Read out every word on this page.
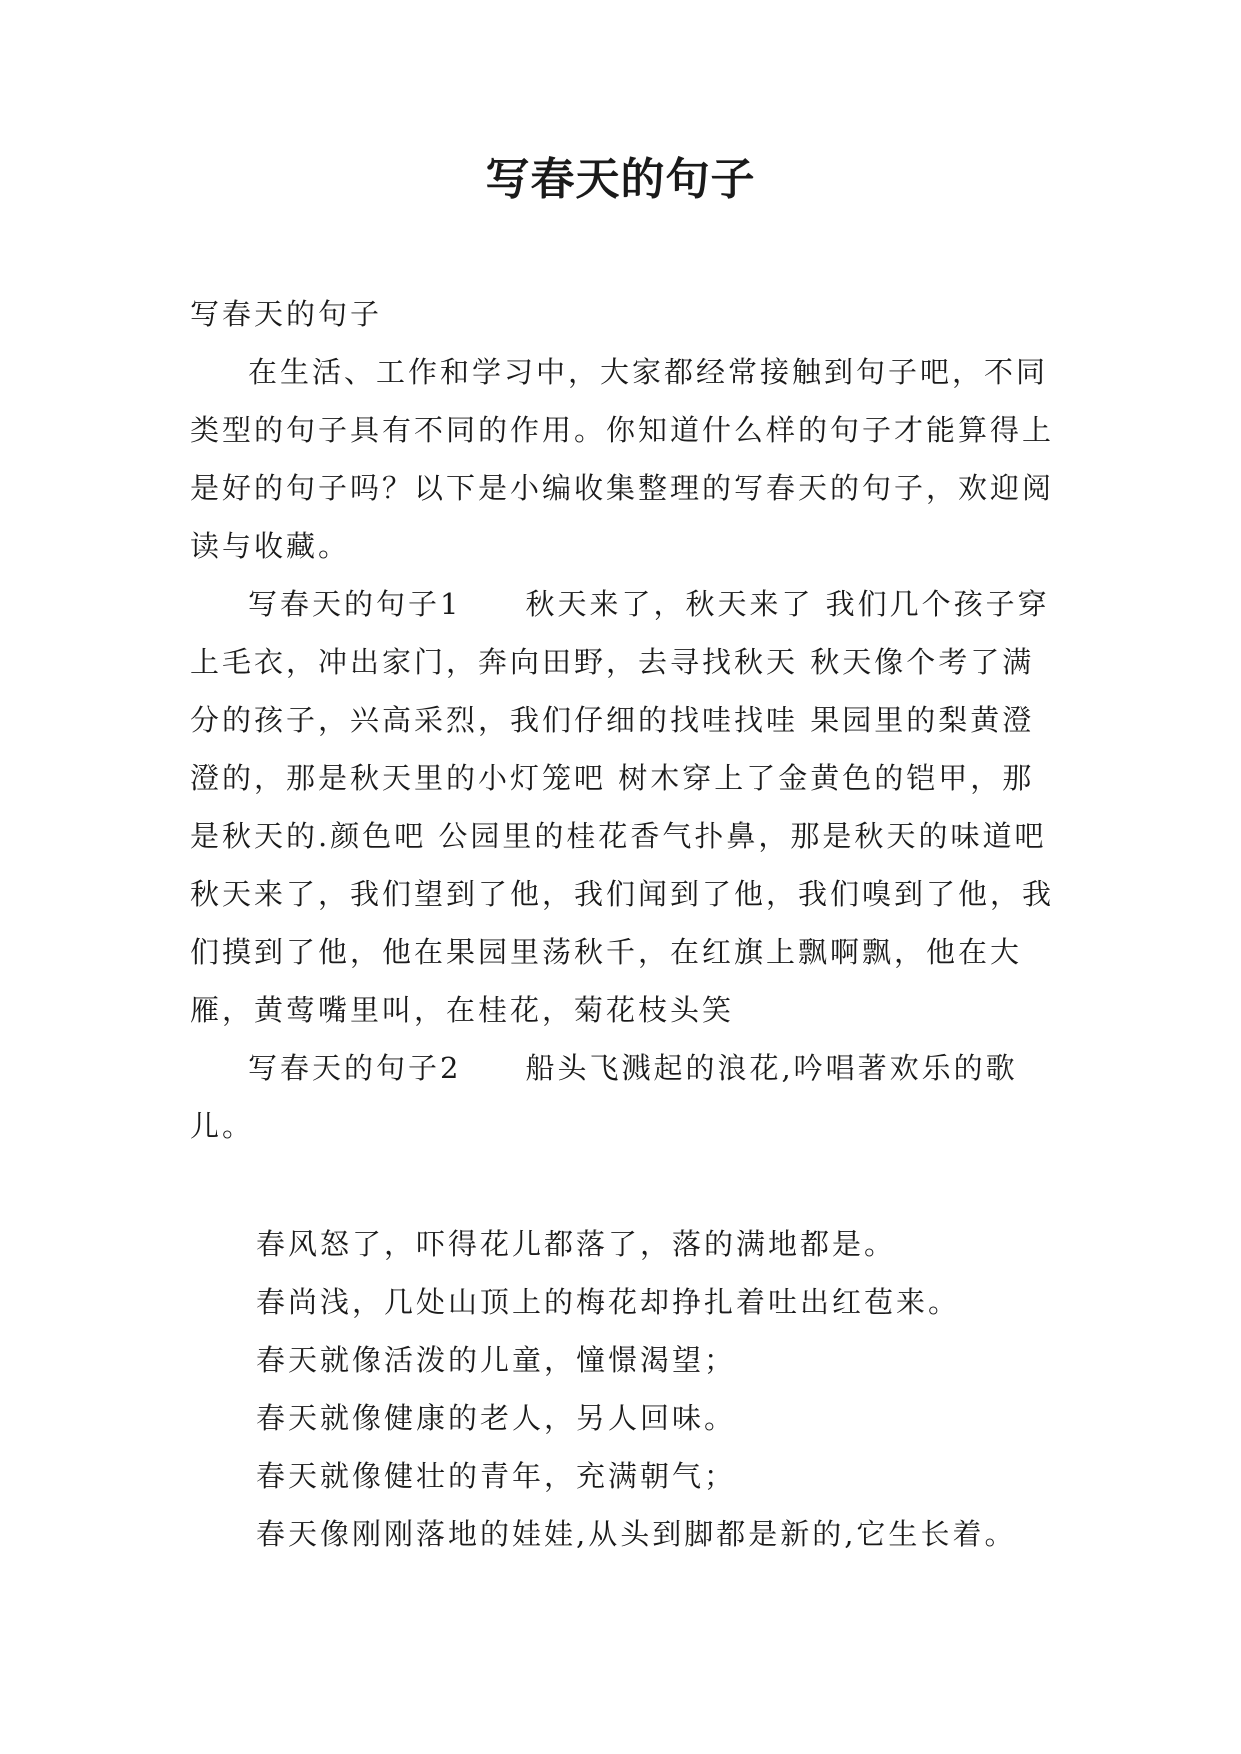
写春天的句子

写春天的句子

在生活、工作和学习中，大家都经常接触到句子吧，不同类型的句子具有不同的作用。你知道什么样的句子才能算得上是好的句子吗？以下是小编收集整理的写春天的句子，欢迎阅读与收藏。

写春天的句子1　　秋天来了，秋天来了 我们几个孩子穿上毛衣，冲出家门，奔向田野，去寻找秋天 秋天像个考了满分的孩子，兴高采烈，我们仔细的找哇找哇 果园里的梨黄澄澄的，那是秋天里的小灯笼吧 树木穿上了金黄色的铠甲，那是秋天的.颜色吧 公园里的桂花香气扑鼻，那是秋天的味道吧 秋天来了，我们望到了他，我们闻到了他，我们嗅到了他，我们摸到了他，他在果园里荡秋千，在红旗上飘啊飘，他在大雁，黄莺嘴里叫，在桂花，菊花枝头笑

写春天的句子2　　船头飞溅起的浪花,吟唱著欢乐的歌儿。

春风怒了，吓得花儿都落了，落的满地都是。

春尚浅，几处山顶上的梅花却挣扎着吐出红苞来。

春天就像活泼的儿童，憧憬渴望；

春天就像健康的老人，另人回味。

春天就像健壮的青年，充满朝气；

春天像刚刚落地的娃娃,从头到脚都是新的,它生长着。
